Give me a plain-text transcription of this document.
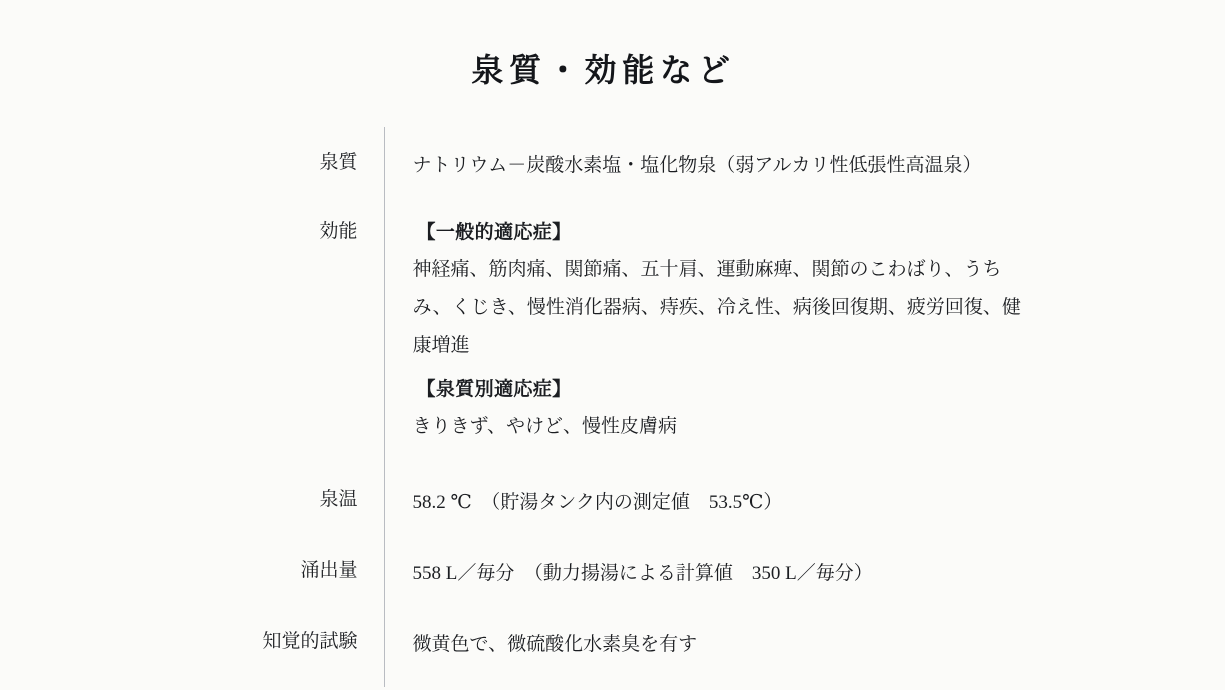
泉質・効能など
泉質	ナトリウム－炭酸水素塩・塩化物泉（弱アルカリ性低張性高温泉）
効能	【一般的適応症】
神経痛、筋肉痛、関節痛、五十肩、運動麻痺、関節のこわばり、うちみ、くじき、慢性消化器病、痔疾、冷え性、病後回復期、疲労回復、健康増進
【泉質別適応症】
きりきず、やけど、慢性皮膚病

泉温	58.2 ℃　（貯湯タンク内の測定値　53.5℃）
涌出量	558 L／毎分　（動力揚湯による計算値　350 L／毎分）
知覚的試験	微黄色で、微硫酸化水素臭を有す
